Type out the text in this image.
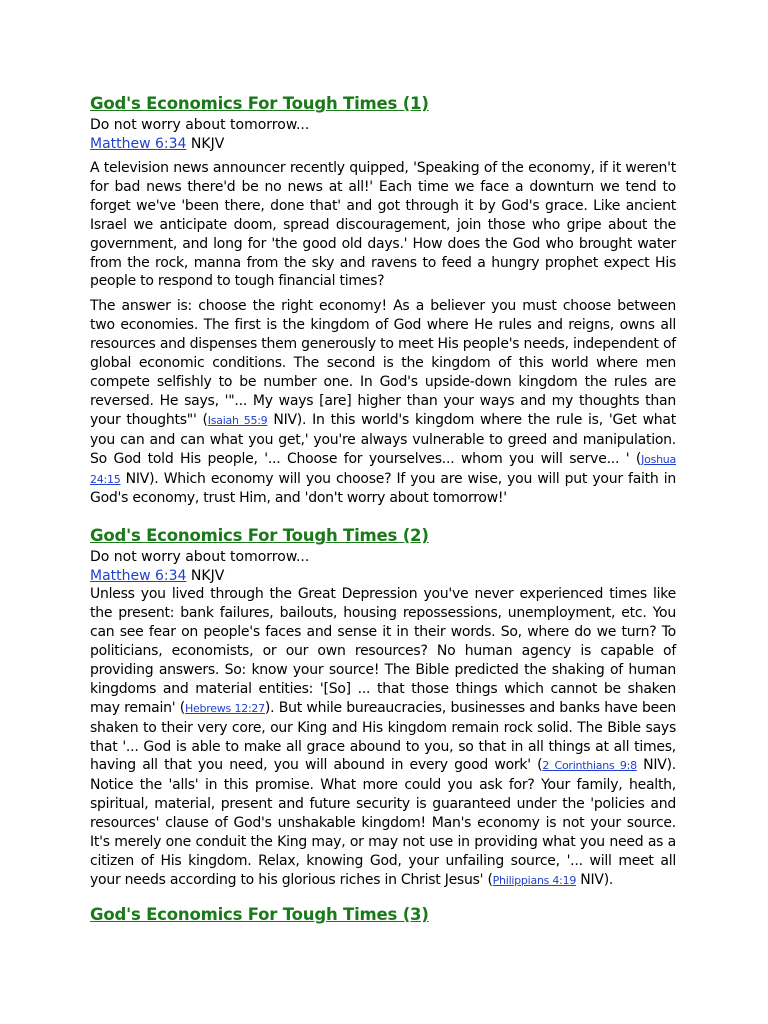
God's Economics For Tough Times (1)

Do not worry about tomorrow...

Matthew 6:34 NKJV

A television news announcer recently quipped, 'Speaking of the economy, if it weren't for bad news there'd be no news at all!' Each time we face a downturn we tend to forget we've 'been there, done that' and got through it by God's grace. Like ancient Israel we anticipate doom, spread discouragement, join those who gripe about the government, and long for 'the good old days.' How does the God who brought water from the rock, manna from the sky and ravens to feed a hungry prophet expect His people to respond to tough financial times?

The answer is: choose the right economy! As a believer you must choose between two economies. The first is the kingdom of God where He rules and reigns, owns all resources and dispenses them generously to meet His people's needs, independent of global economic conditions. The second is the kingdom of this world where men compete selfishly to be number one. In God's upside-down kingdom the rules are reversed. He says, '"... My ways [are] higher than your ways and my thoughts than your thoughts"' (Isaiah 55:9 NIV). In this world's kingdom where the rule is, 'Get what you can and can what you get,' you're always vulnerable to greed and manipulation. So God told His people, '... Choose for yourselves... whom you will serve... ' (Joshua 24:15 NIV). Which economy will you choose? If you are wise, you will put your faith in God's economy, trust Him, and 'don't worry about tomorrow!'

God's Economics For Tough Times (2)

Do not worry about tomorrow...

Matthew 6:34 NKJV

Unless you lived through the Great Depression you've never experienced times like the present: bank failures, bailouts, housing repossessions, unemployment, etc. You can see fear on people's faces and sense it in their words. So, where do we turn? To politicians, economists, or our own resources? No human agency is capable of providing answers. So: know your source! The Bible predicted the shaking of human kingdoms and material entities: '[So] ... that those things which cannot be shaken may remain' (Hebrews 12:27). But while bureaucracies, businesses and banks have been shaken to their very core, our King and His kingdom remain rock solid. The Bible says that '... God is able to make all grace abound to you, so that in all things at all times, having all that you need, you will abound in every good work' (2 Corinthians 9:8 NIV). Notice the 'alls' in this promise. What more could you ask for? Your family, health, spiritual, material, present and future security is guaranteed under the 'policies and resources' clause of God's unshakable kingdom! Man's economy is not your source. It's merely one conduit the King may, or may not use in providing what you need as a citizen of His kingdom. Relax, knowing God, your unfailing source, '... will meet all your needs according to his glorious riches in Christ Jesus' (Philippians 4:19 NIV).

God's Economics For Tough Times (3)
